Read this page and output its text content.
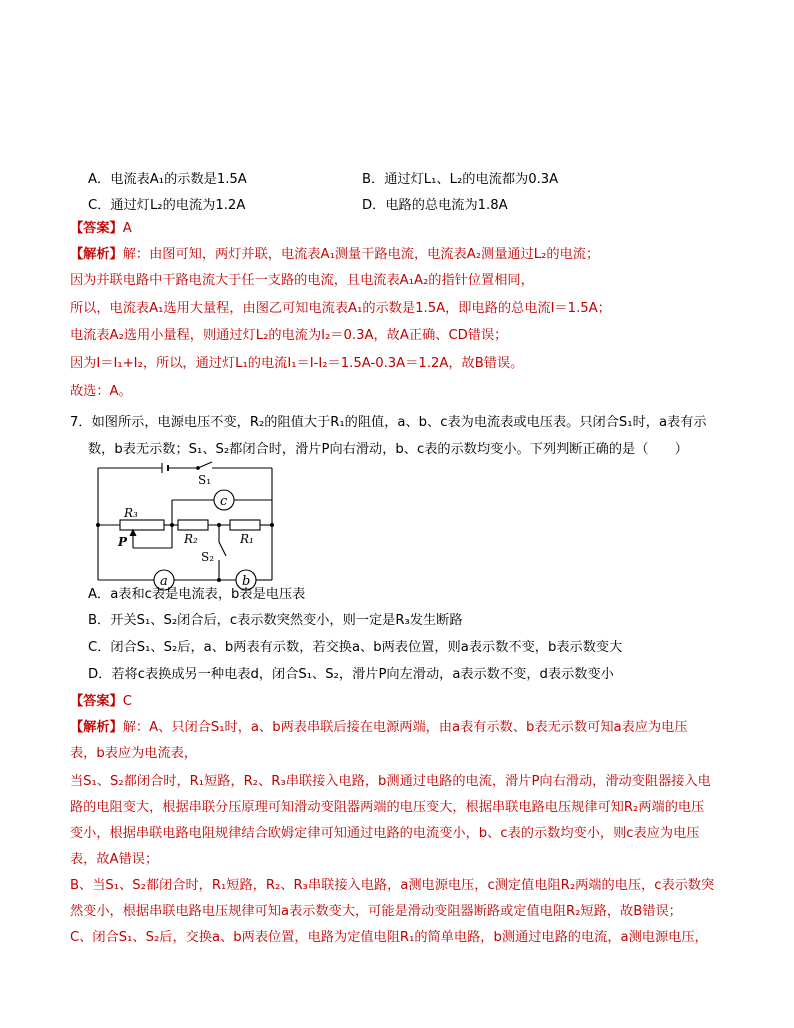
A．电流表A₁的示数是1.5A	B．通过灯L₁、L₂的电流都为0.3A
C．通过灯L₂的电流为1.2A	D．电路的总电流为1.8A
【答案】A
【解析】解：由图可知，两灯并联，电流表A₁测量干路电流，电流表A₂测量通过L₂的电流；
因为并联电路中干路电流大于任一支路的电流，且电流表A₁A₂的指针位置相同，
所以，电流表A₁选用大量程，由图乙可知电流表A₁的示数是1.5A，即电路的总电流I＝1.5A；
电流表A₂选用小量程，则通过灯L₂的电流为I₂＝0.3A，故A正确、CD错误；
因为I＝I₁+I₂，所以，通过灯L₁的电流I₁＝I-I₂＝1.5A-0.3A＝1.2A，故B错误。
故选：A。
7．如图所示，电源电压不变，R₂的阻值大于R₁的阻值，a、b、c表为电流表或电压表。只闭合S₁时，a表有示
数，b表无示数；S₁、S₂都闭合时，滑片P向右滑动，b、c表的示数均变小。下列判断正确的是（　　）
S₁
c
R₃
P	R₂	R₁
S₂
a	b
A．a表和c表是电流表，b表是电压表
B．开关S₁、S₂闭合后，c表示数突然变小，则一定是R₃发生断路
C．闭合S₁、S₂后，a、b两表有示数，若交换a、b两表位置，则a表示数不变，b表示数变大
D．若将c表换成另一种电表d，闭合S₁、S₂，滑片P向左滑动，a表示数不变，d表示数变小
【答案】C
【解析】解：A、只闭合S₁时，a、b两表串联后接在电源两端，由a表有示数、b表无示数可知a表应为电压
表，b表应为电流表，
当S₁、S₂都闭合时，R₁短路，R₂、R₃串联接入电路，b测通过电路的电流，滑片P向右滑动，滑动变阻器接入电
路的电阻变大，根据串联分压原理可知滑动变阻器两端的电压变大，根据串联电路电压规律可知R₂两端的电压
变小，根据串联电路电阻规律结合欧姆定律可知通过电路的电流变小，b、c表的示数均变小，则c表应为电压
表，故A错误；
B、当S₁、S₂都闭合时，R₁短路，R₂、R₃串联接入电路，a测电源电压，c测定值电阻R₂两端的电压，c表示数突
然变小，根据串联电路电压规律可知a表示数变大，可能是滑动变阻器断路或定值电阻R₂短路，故B错误；
C、闭合S₁、S₂后，交换a、b两表位置，电路为定值电阻R₁的简单电路，b测通过电路的电流，a测电源电压，
